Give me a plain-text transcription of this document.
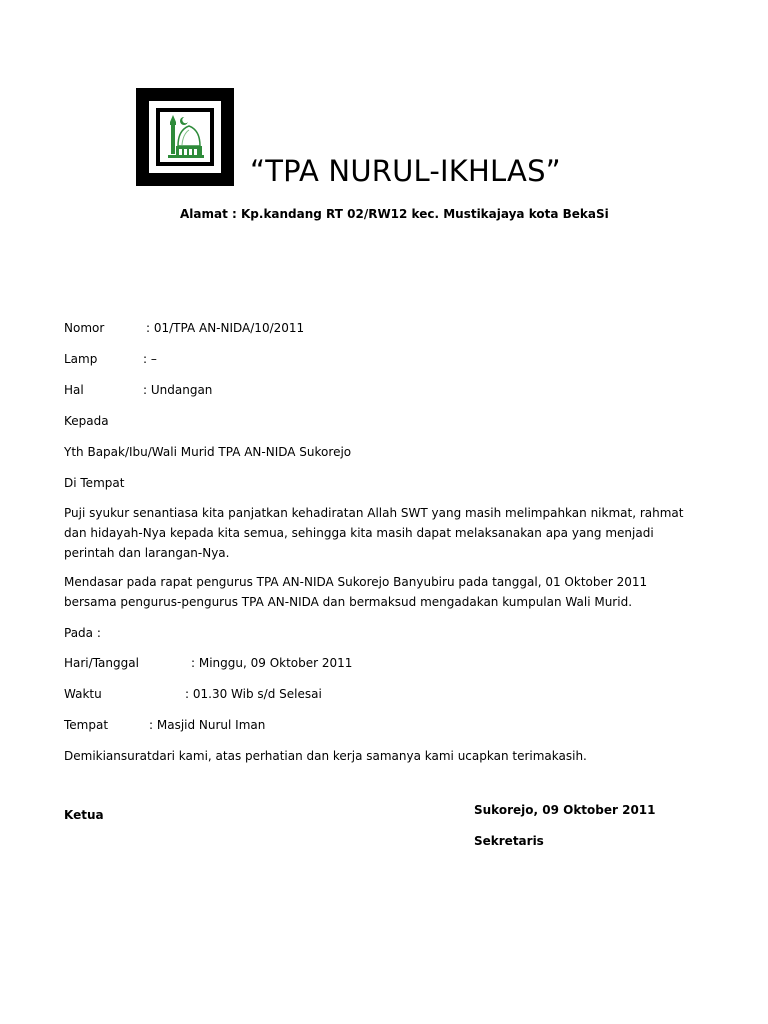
“TPA NURUL-IKHLAS”
Alamat : Kp.kandang RT 02/RW12 kec. Mustikajaya kota BekaSi
Nomor	: 01/TPA AN-NIDA/10/2011
Lamp	: –
Hal	: Undangan
Kepada
Yth Bapak/Ibu/Wali Murid TPA AN-NIDA Sukorejo
Di Tempat
Puji syukur senantiasa kita panjatkan kehadiratan Allah SWT yang masih melimpahkan nikmat, rahmat dan hidayah-Nya kepada kita semua, sehingga kita masih dapat melaksanakan apa yang menjadi perintah dan larangan-Nya.
Mendasar pada rapat pengurus TPA AN-NIDA Sukorejo Banyubiru pada tanggal, 01 Oktober 2011 bersama pengurus-pengurus TPA AN-NIDA dan bermaksud mengadakan kumpulan Wali Murid.
Pada :
Hari/Tanggal	: Minggu, 09 Oktober 2011
Waktu	: 01.30 Wib s/d Selesai
Tempat	: Masjid Nurul Iman
Demikiansuratdari kami, atas perhatian dan kerja samanya kami ucapkan terimakasih.
Sukorejo, 09 Oktober 2011
Ketua
Sekretaris
